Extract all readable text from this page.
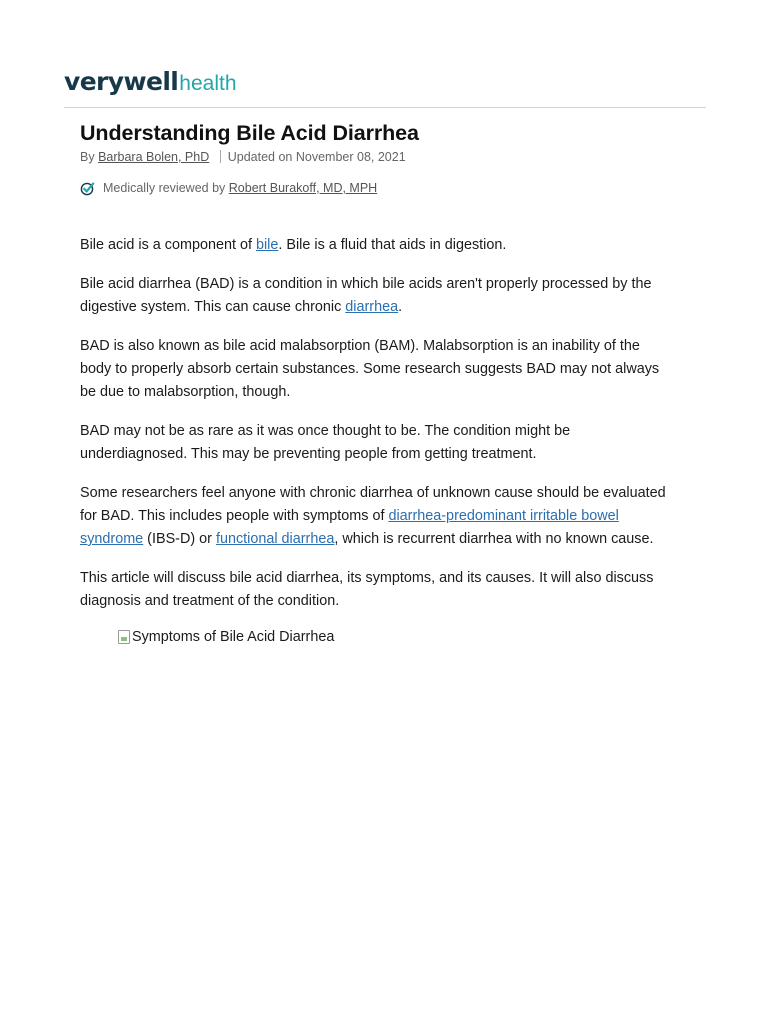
verywellhealth
Understanding Bile Acid Diarrhea
By Barbara Bolen, PhD Updated on November 08, 2021
Medically reviewed by
Robert Burakoff, MD, MPH

Bile acid is a component of bile. Bile is a fluid that aids in digestion.

Bile acid diarrhea (BAD) is a condition in which bile acids aren't properly processed by the digestive system. This can cause chronic diarrhea.

BAD is also known as bile acid malabsorption (BAM). Malabsorption is an inability of the body to properly absorb certain substances. Some research suggests BAD may not always be due to malabsorption, though.

BAD may not be as rare as it was once thought to be. The condition might be underdiagnosed. This may be preventing people from getting treatment.

Some researchers feel anyone with chronic diarrhea of unknown cause should be evaluated for BAD. This includes people with symptoms of diarrhea-predominant irritable bowel syndrome (IBS-D) or functional diarrhea, which is recurrent diarrhea with no known cause.

This article will discuss bile acid diarrhea, its symptoms, and its causes. It will also discuss diagnosis and treatment of the condition.

Symptoms of Bile Acid Diarrhea
